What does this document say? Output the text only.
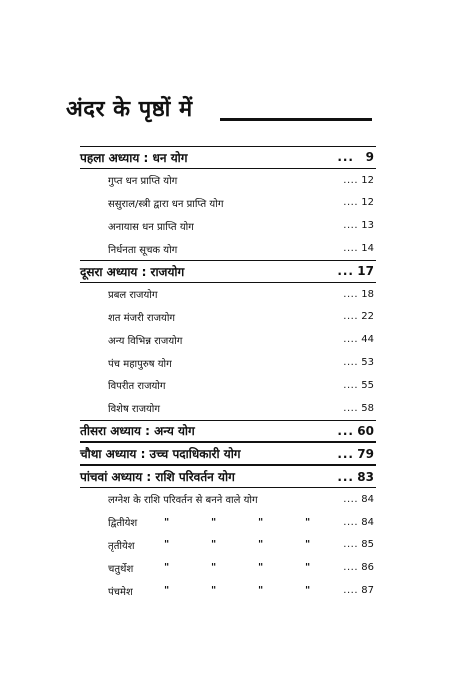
अंदर के पृष्ठों में
पहला अध्याय : धन योग	... 9
गुप्त धन प्राप्ति योग	.... 12
ससुराल/स्त्री द्वारा धन प्राप्ति योग	.... 12
अनायास धन प्राप्ति योग	.... 13
निर्धनता सूचक योग	.... 14
दूसरा अध्याय : राजयोग	... 17
प्रबल राजयोग	.... 18
शत मंजरी राजयोग	.... 22
अन्य विभिन्न राजयोग	.... 44
पंच महापुरुष योग	.... 53
विपरीत राजयोग	.... 55
विशेष राजयोग	.... 58
तीसरा अध्याय : अन्य योग	... 60
चौथा अध्याय : उच्च पदाधिकारी योग	... 79
पांचवां अध्याय : राशि परिवर्तन योग	... 83
लग्नेश के राशि परिवर्तन से बनने वाले योग	.... 84
द्वितीयेश	"	"	"	"	.... 84
तृतीयेश	"	"	"	"	.... 85
चतुर्थेश	"	"	"	"	.... 86
पंचमेश	"	"	"	"	.... 87
